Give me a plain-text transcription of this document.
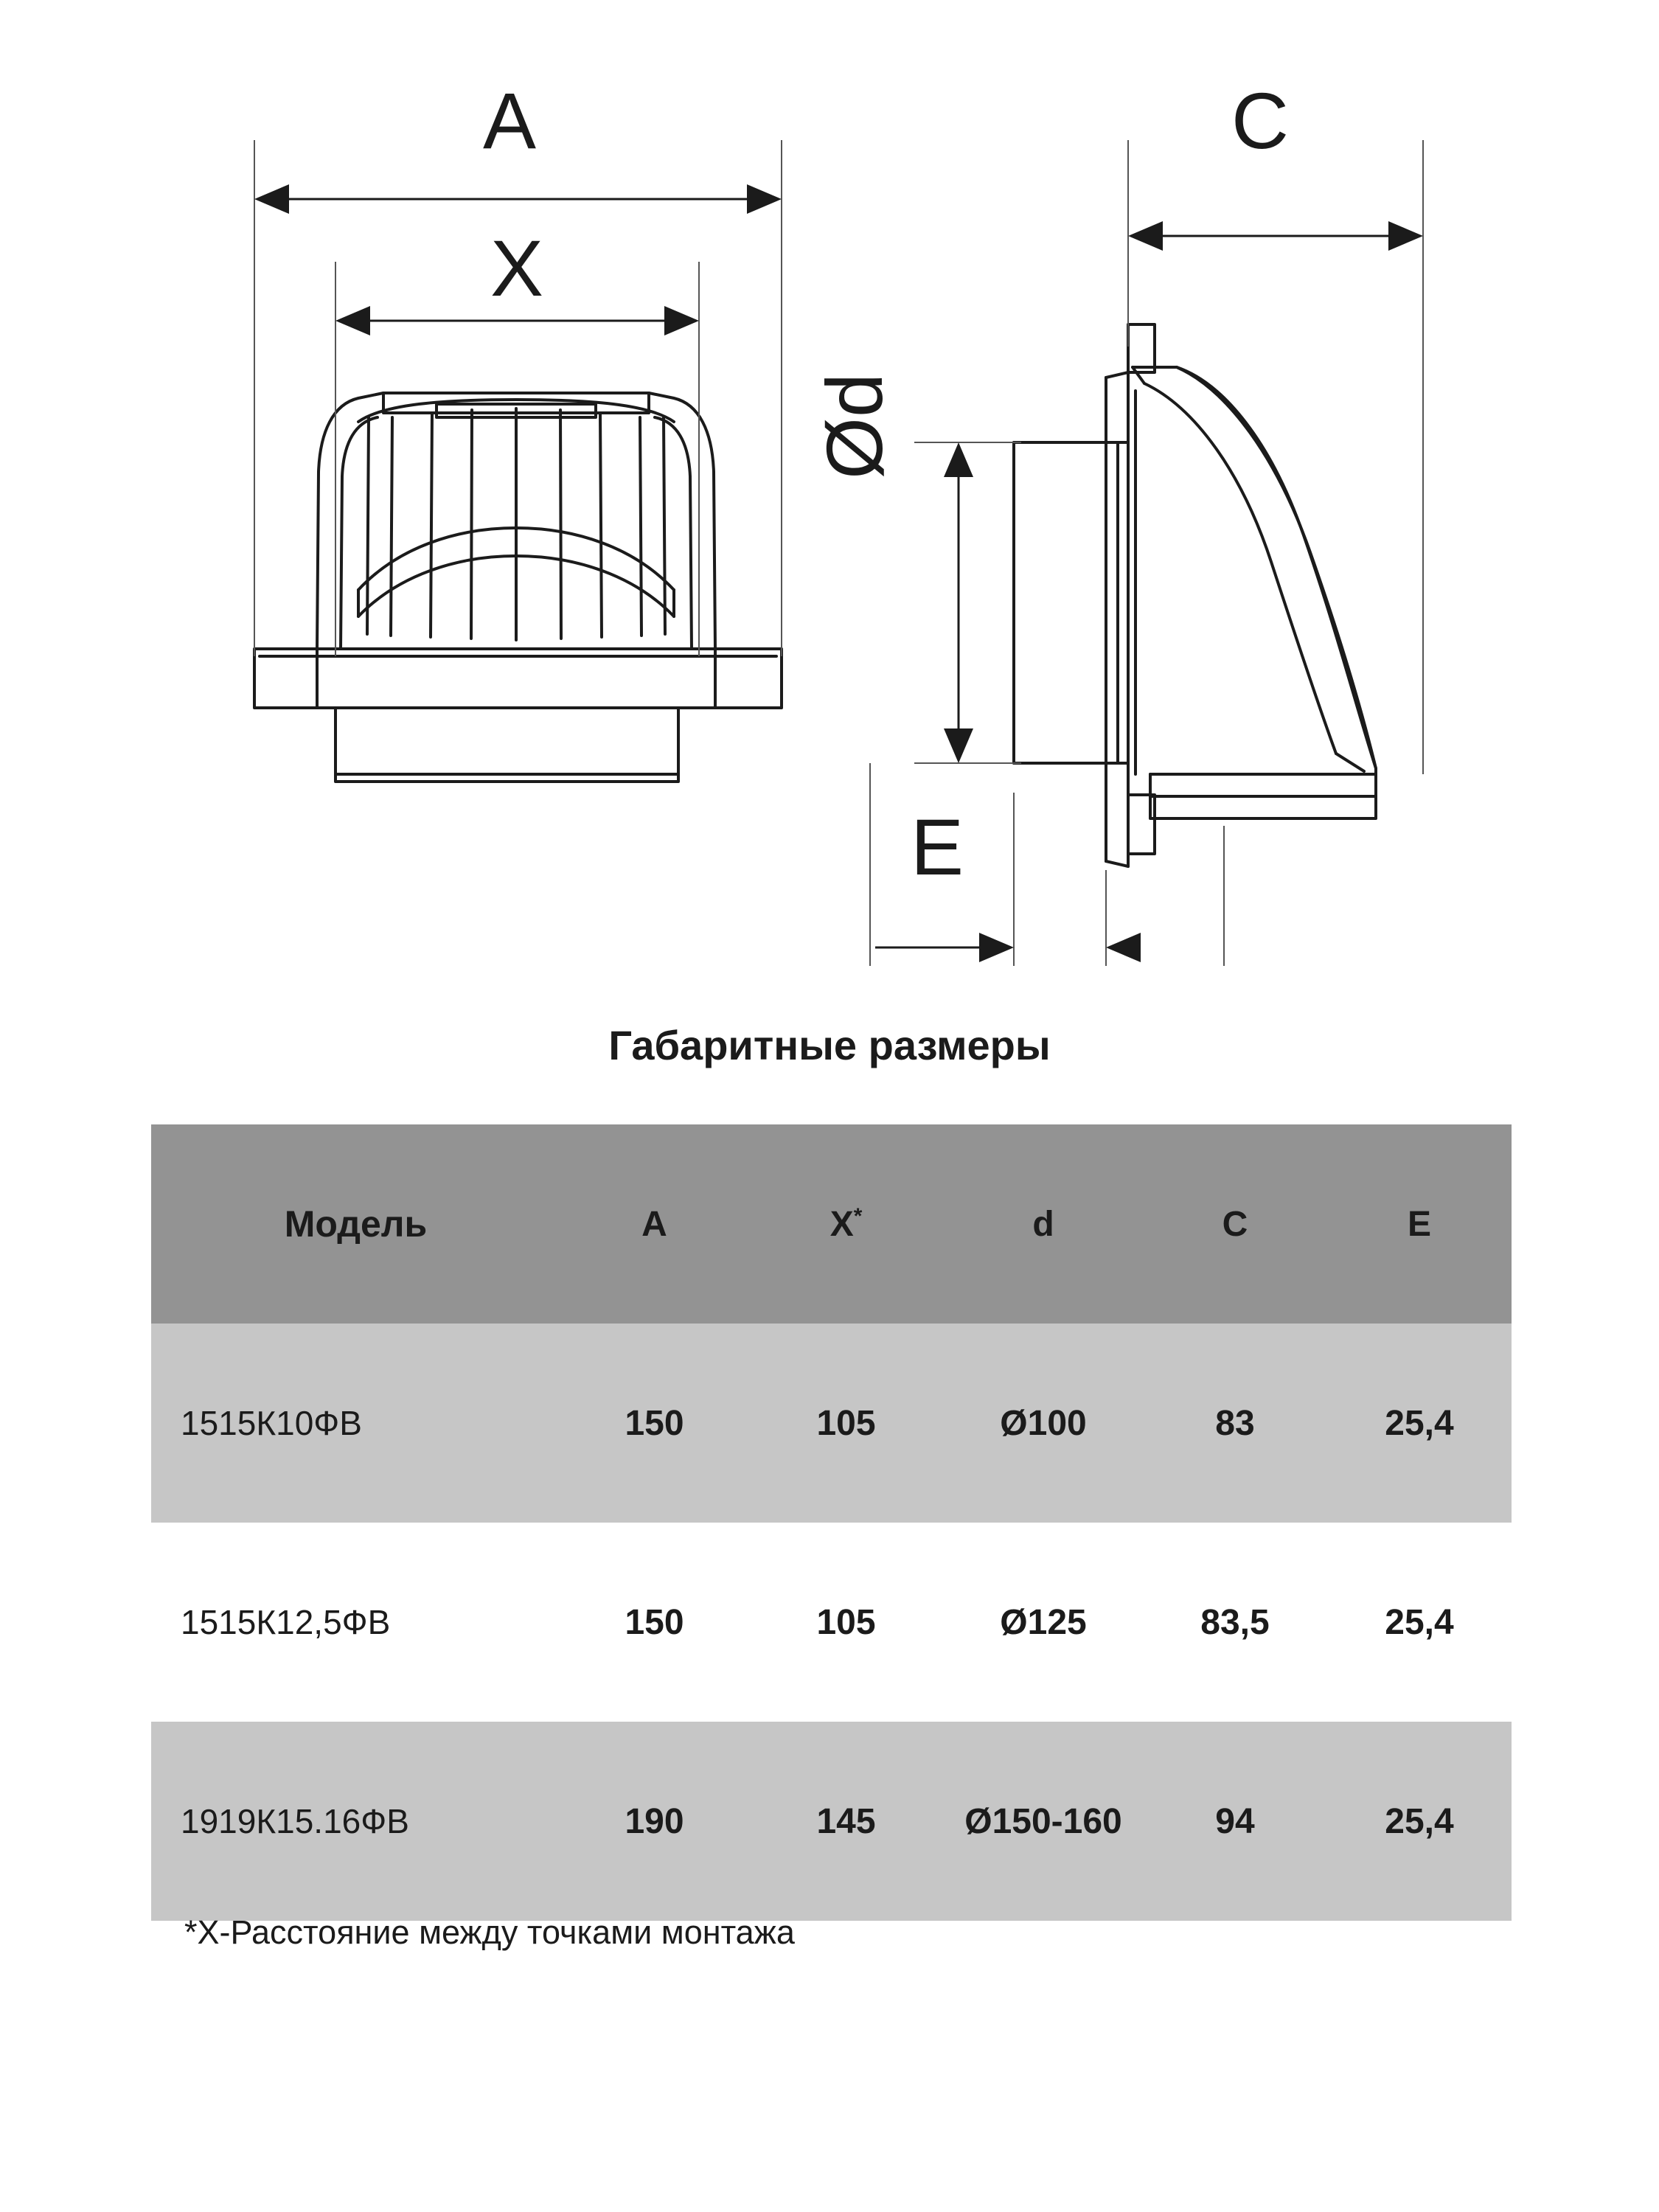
A
X
C
E
Ød
Габаритные размеры
Модель	A	X*	d	C	E
1515К10ФВ	150	105	Ø100	83	25,4
1515К12,5ФВ	150	105	Ø125	83,5	25,4
1919К15.16ФВ	190	145	Ø150-160	94	25,4
*Х-Расстояние между точками монтажа
